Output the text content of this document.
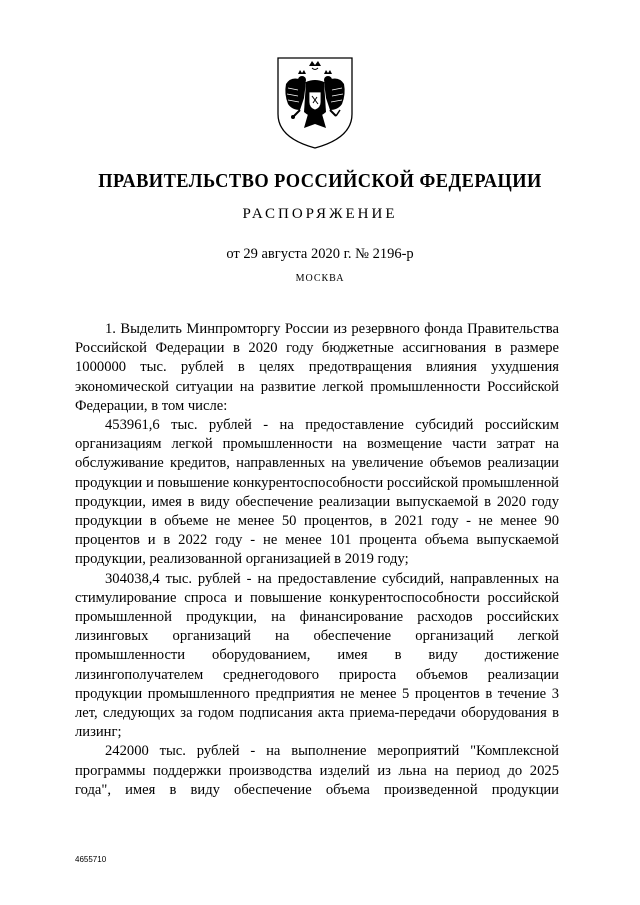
ПРАВИТЕЛЬСТВО РОССИЙСКОЙ ФЕДЕРАЦИИ
РАСПОРЯЖЕНИЕ
от 29 августа 2020 г. № 2196-р
МОСКВА

1. Выделить Минпромторгу России из резервного фонда Правительства Российской Федерации в 2020 году бюджетные ассигнования в размере 1000000 тыс. рублей в целях предотвращения влияния ухудшения экономической ситуации на развитие легкой промышленности Российской Федерации, в том числе:

453961,6 тыс. рублей - на предоставление субсидий российским организациям легкой промышленности на возмещение части затрат на обслуживание кредитов, направленных на увеличение объемов реализации продукции и повышение конкурентоспособности российской промышленной продукции, имея в виду обеспечение реализации выпускаемой в 2020 году продукции в объеме не менее 50 процентов, в 2021 году - не менее 90 процентов и в 2022 году - не менее 101 процента объема выпускаемой продукции, реализованной организацией в 2019 году;

304038,4 тыс. рублей - на предоставление субсидий, направленных на стимулирование спроса и повышение конкурентоспособности российской промышленной продукции, на финансирование расходов российских лизинговых организаций на обеспечение организаций легкой промышленности оборудованием, имея в виду достижение лизингополучателем среднегодового прироста объемов реализации продукции промышленного предприятия не менее 5 процентов в течение 3 лет, следующих за годом подписания акта приема-передачи оборудования в лизинг;

242000 тыс. рублей - на выполнение мероприятий "Комплексной программы поддержки производства изделий из льна на период до 2025 года", имея в виду обеспечение объема произведенной продукции

4655710
